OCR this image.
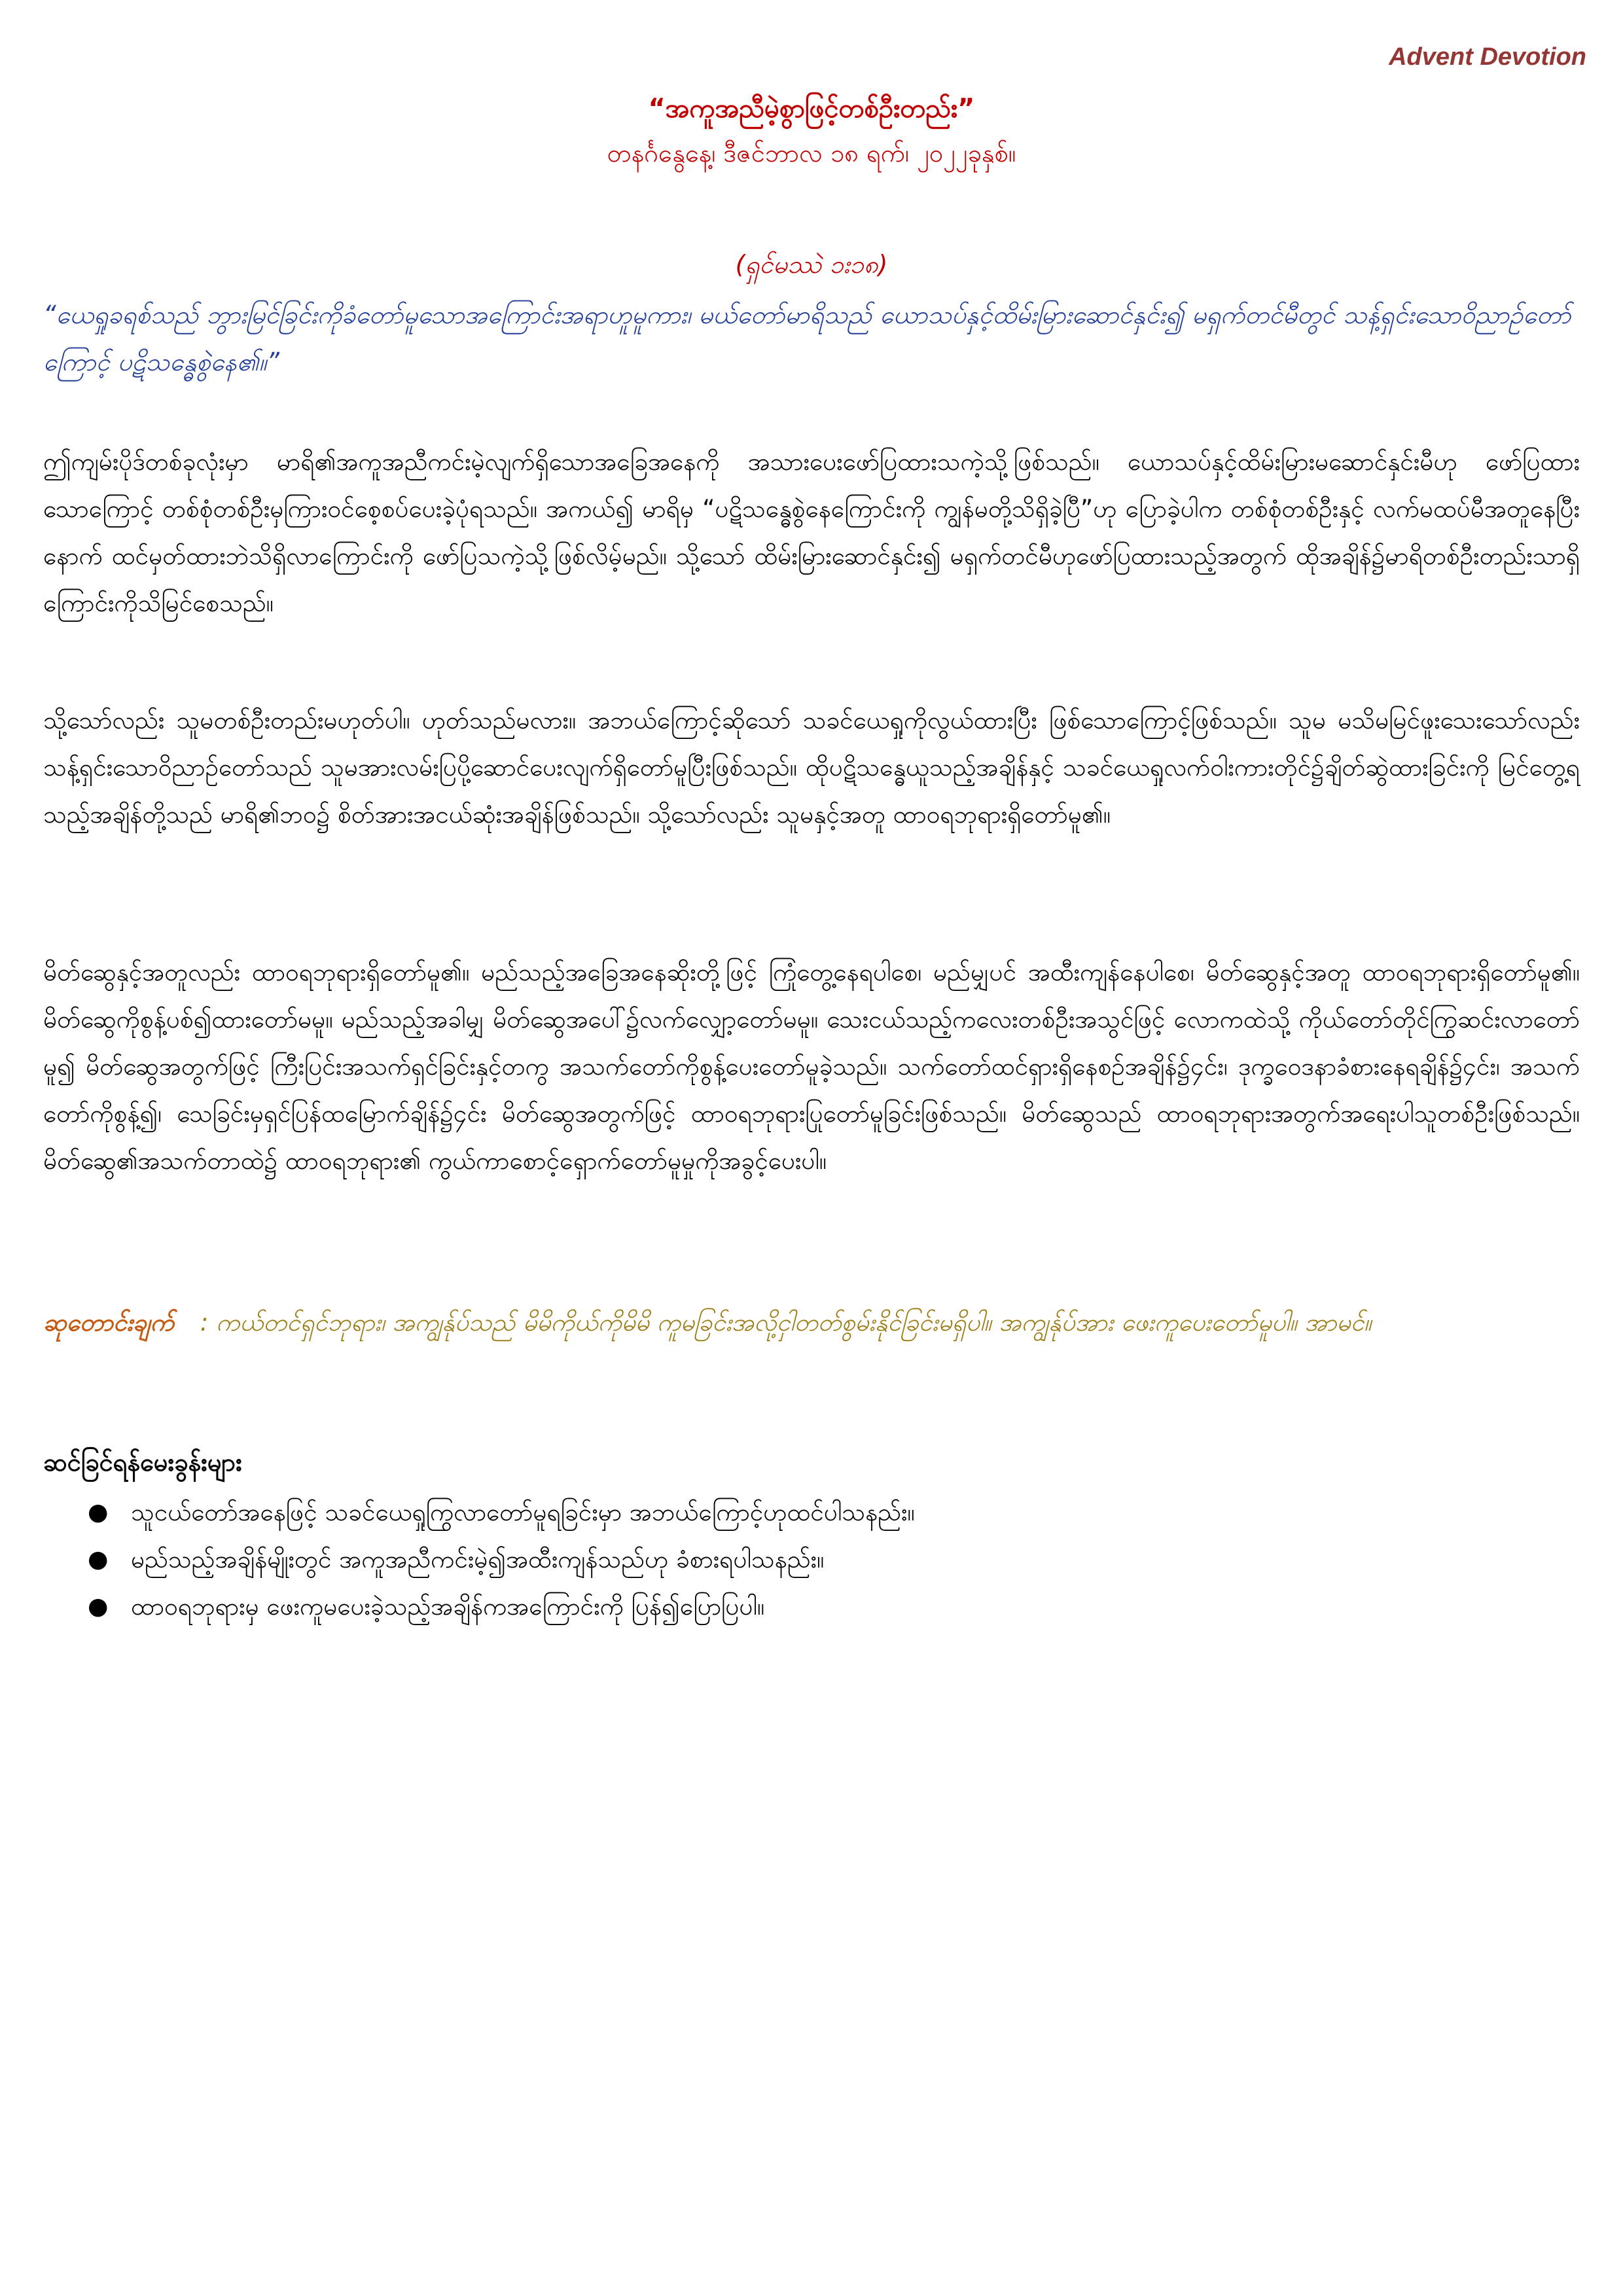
Advent Devotion
“အကူအညီမဲ့စွာဖြင့်တစ်ဦးတည်း”
တနင်္ဂနွေနေ့၊ ဒီဇင်ဘာလ ၁၈ ရက်၊ ၂၀၂၂ခုနှစ်။
(ရှင်မဿဲ ၁း၁၈)
“ယေရှုခရစ်သည် ဘွားမြင်ခြင်းကိုခံတော်မူသောအကြောင်းအရာဟူမူကား၊ မယ်တော်မာရိသည် ယောသပ်နှင့်ထိမ်းမြားဆောင်နှင်း၍ မရှက်တင်မီတွင် သန့်ရှင်းသောဝိညာဉ်တော်ကြောင့် ပဋိသန္ဓေစွဲနေ၏။”
ဤကျမ်းပိုဒ်တစ်ခုလုံးမှာ မာရိ၏အကူအညီကင်းမဲ့လျက်ရှိသောအခြေအနေကို အသားပေးဖော်ပြထားသကဲ့သို့ဖြစ်သည်။ ယောသပ်နှင့်ထိမ်းမြားမဆောင်နှင်းမီဟု ဖော်ပြထားသောကြောင့် တစ်စုံတစ်ဦးမှကြားဝင်စေ့စပ်ပေးခဲ့ပုံရသည်။ အကယ်၍ မာရိမှ “ပဋိသန္ဓေစွဲနေကြောင်းကို ကျွန်မတို့သိရှိခဲ့ပြီ”ဟု ပြောခဲ့ပါက တစ်စုံတစ်ဦးနှင့် လက်မထပ်မီအတူနေပြီးနောက် ထင်မှတ်ထားဘဲသိရှိလာကြောင်းကို ဖော်ပြသကဲ့သို့ဖြစ်လိမ့်မည်။ သို့သော် ထိမ်းမြားဆောင်နှင်း၍ မရှက်တင်မီဟုဖော်ပြထားသည့်အတွက် ထိုအချိန်၌မာရိတစ်ဦးတည်းသာရှိကြောင်းကိုသိမြင်စေသည်။
သို့သော်လည်း သူမတစ်ဦးတည်းမဟုတ်ပါ။ ဟုတ်သည်မလား။ အဘယ်ကြောင့်ဆိုသော် သခင်ယေရှုကိုလွယ်ထားပြီး ဖြစ်သောကြောင့်ဖြစ်သည်။ သူမ မသိမမြင်ဖူးသေးသော်လည်း သန့်ရှင်းသောဝိညာဉ်တော်သည် သူမအားလမ်းပြပို့ဆောင်ပေးလျက်ရှိတော်မူပြီးဖြစ်သည်။ ထိုပဋိသန္ဓေယူသည့်အချိန်နှင့် သခင်ယေရှုလက်ဝါးကားတိုင်၌ချိတ်ဆွဲထားခြင်းကို မြင်တွေ့ရသည့်အချိန်တို့သည် မာရိ၏ဘဝ၌ စိတ်အားအငယ်ဆုံးအချိန်ဖြစ်သည်။ သို့သော်လည်း သူမနှင့်အတူ ထာဝရဘုရားရှိတော်မူ၏။
မိတ်ဆွေနှင့်အတူလည်း ထာဝရဘုရားရှိတော်မူ၏။ မည်သည့်အခြေအနေဆိုးတို့ဖြင့် ကြုံတွေ့နေရပါစေ၊ မည်မျှပင် အထီးကျန်နေပါစေ၊ မိတ်ဆွေနှင့်အတူ ထာဝရဘုရားရှိတော်မူ၏။ မိတ်ဆွေကိုစွန့်ပစ်၍ထားတော်မမူ။ မည်သည့်အခါမျှ မိတ်ဆွေအပေါ်၌လက်လျှော့တော်မမူ။ သေးငယ်သည့်ကလေးတစ်ဦးအသွင်ဖြင့် လောကထဲသို့ ကိုယ်တော်တိုင်ကြွဆင်းလာတော်မူ၍ မိတ်ဆွေအတွက်ဖြင့် ကြီးပြင်းအသက်ရှင်ခြင်းနှင့်တကွ အသက်တော်ကိုစွန့်ပေးတော်မူခဲ့သည်။ သက်တော်ထင်ရှားရှိနေစဉ်အချိန်၌၄င်း၊ ဒုက္ခဝေဒနာခံစားနေရချိန်၌၄င်း၊ အသက်တော်ကိုစွန့်၍၊ သေခြင်းမှရှင်ပြန်ထမြောက်ချိန်၌၄င်း မိတ်ဆွေအတွက်ဖြင့် ထာဝရဘုရားပြုတော်မူခြင်းဖြစ်သည်။ မိတ်ဆွေသည် ထာဝရဘုရားအတွက်အရေးပါသူတစ်ဦးဖြစ်သည်။ မိတ်ဆွေ၏အသက်တာထဲ၌ ထာဝရဘုရား၏ ကွယ်ကာစောင့်ရှောက်တော်မူမှုကိုအခွင့်ပေးပါ။
ဆုတောင်းချက် : ကယ်တင်ရှင်ဘုရား၊ အကျွန်ုပ်သည် မိမိကိုယ်ကိုမိမိ ကူမခြင်းအလို့ငှါတတ်စွမ်းနိုင်ခြင်းမရှိပါ။ အကျွန်ုပ်အား ဖေးကူပေးတော်မူပါ။ အာမင်။
ဆင်ခြင်ရန်မေးခွန်းများ
● သူငယ်တော်အနေဖြင့် သခင်ယေရှုကြွလာတော်မူရခြင်းမှာ အဘယ်ကြောင့်ဟုထင်ပါသနည်း။
● မည်သည့်အချိန်မျိုးတွင် အကူအညီကင်းမဲ့၍အထီးကျန်သည်ဟု ခံစားရပါသနည်း။
● ထာဝရဘုရားမှ ဖေးကူမပေးခဲ့သည့်အချိန်ကအကြောင်းကို ပြန်၍ပြောပြပါ။
